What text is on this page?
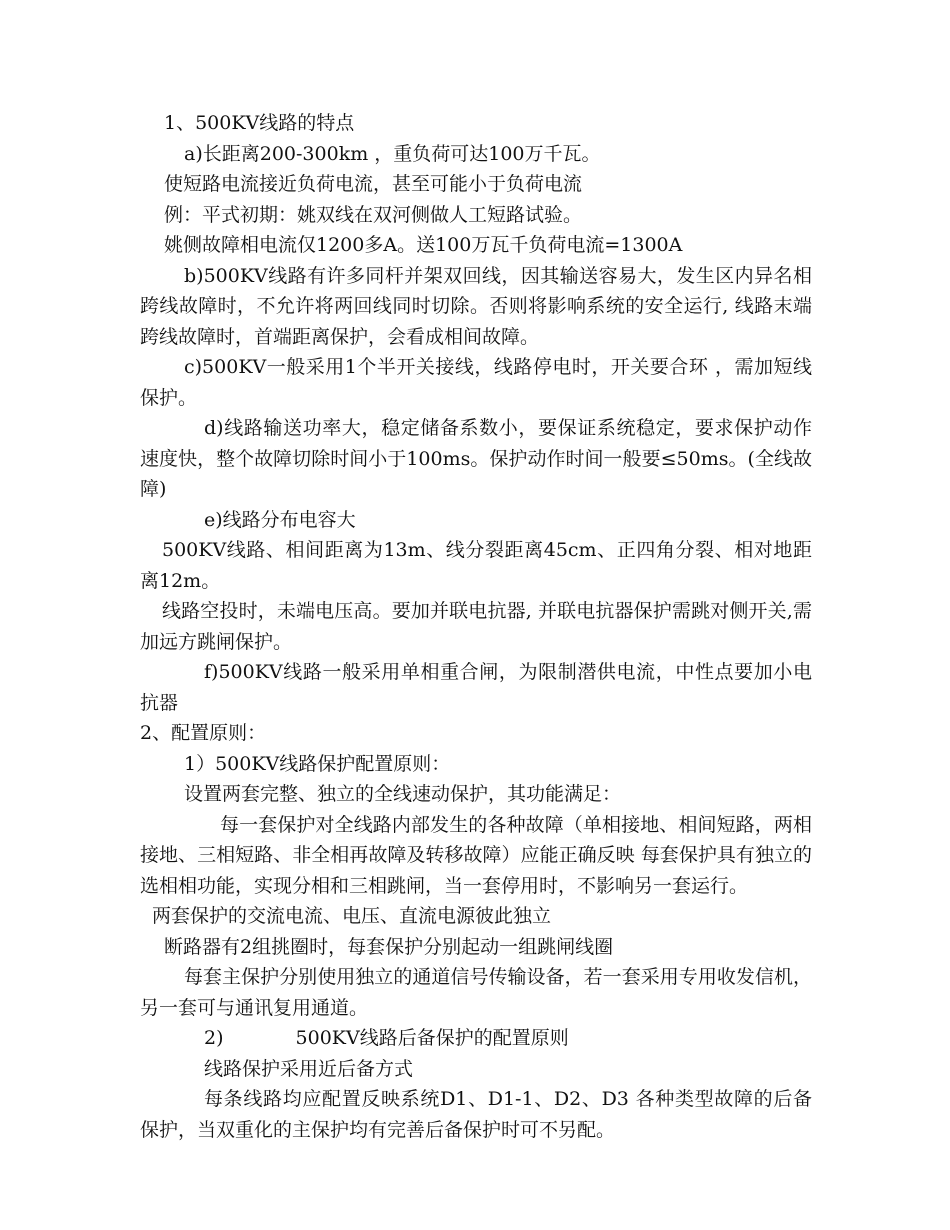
1、500KV线路的特点

a)长距离200-300km ，重负荷可达100万千瓦。

使短路电流接近负荷电流，甚至可能小于负荷电流

例：平式初期：姚双线在双河侧做人工短路试验。

姚侧故障相电流仅1200多A。送100万瓦千负荷电流=1300A

b)500KV线路有许多同杆并架双回线，因其输送容易大，发生区内异名相跨线故障时，不允许将两回线同时切除。否则将影响系统的安全运行, 线路末端跨线故障时，首端距离保护，会看成相间故障。

c)500KV一般采用1个半开关接线，线路停电时，开关要合环 ，需加短线保护。

d)线路输送功率大，稳定储备系数小，要保证系统稳定，要求保护动作速度快，整个故障切除时间小于100ms。保护动作时间一般要≤50ms。(全线故障)

e)线路分布电容大

500KV线路、相间距离为13m、线分裂距离45cm、正四角分裂、相对地距离12m。

线路空投时，未端电压高。要加并联电抗器, 并联电抗器保护需跳对侧开关,需加远方跳闸保护。

f)500KV线路一般采用单相重合闸，为限制潜供电流，中性点要加小电抗器

2、配置原则：

1）500KV线路保护配置原则：

设置两套完整、独立的全线速动保护，其功能满足：

每一套保护对全线路内部发生的各种故障（单相接地、相间短路，两相接地、三相短路、非全相再故障及转移故障）应能正确反映 每套保护具有独立的选相相功能，实现分相和三相跳闸，当一套停用时，不影响另一套运行。

两套保护的交流电流、电压、直流电源彼此独立

断路器有2组挑圈时，每套保护分别起动一组跳闸线圈

每套主保护分别使用独立的通道信号传输设备，若一套采用专用收发信机，另一套可与通讯复用通道。

2)	500KV线路后备保护的配置原则

线路保护采用近后备方式

每条线路均应配置反映系统D1、D1-1、D2、D3 各种类型故障的后备保护，当双重化的主保护均有完善后备保护时可不另配。
